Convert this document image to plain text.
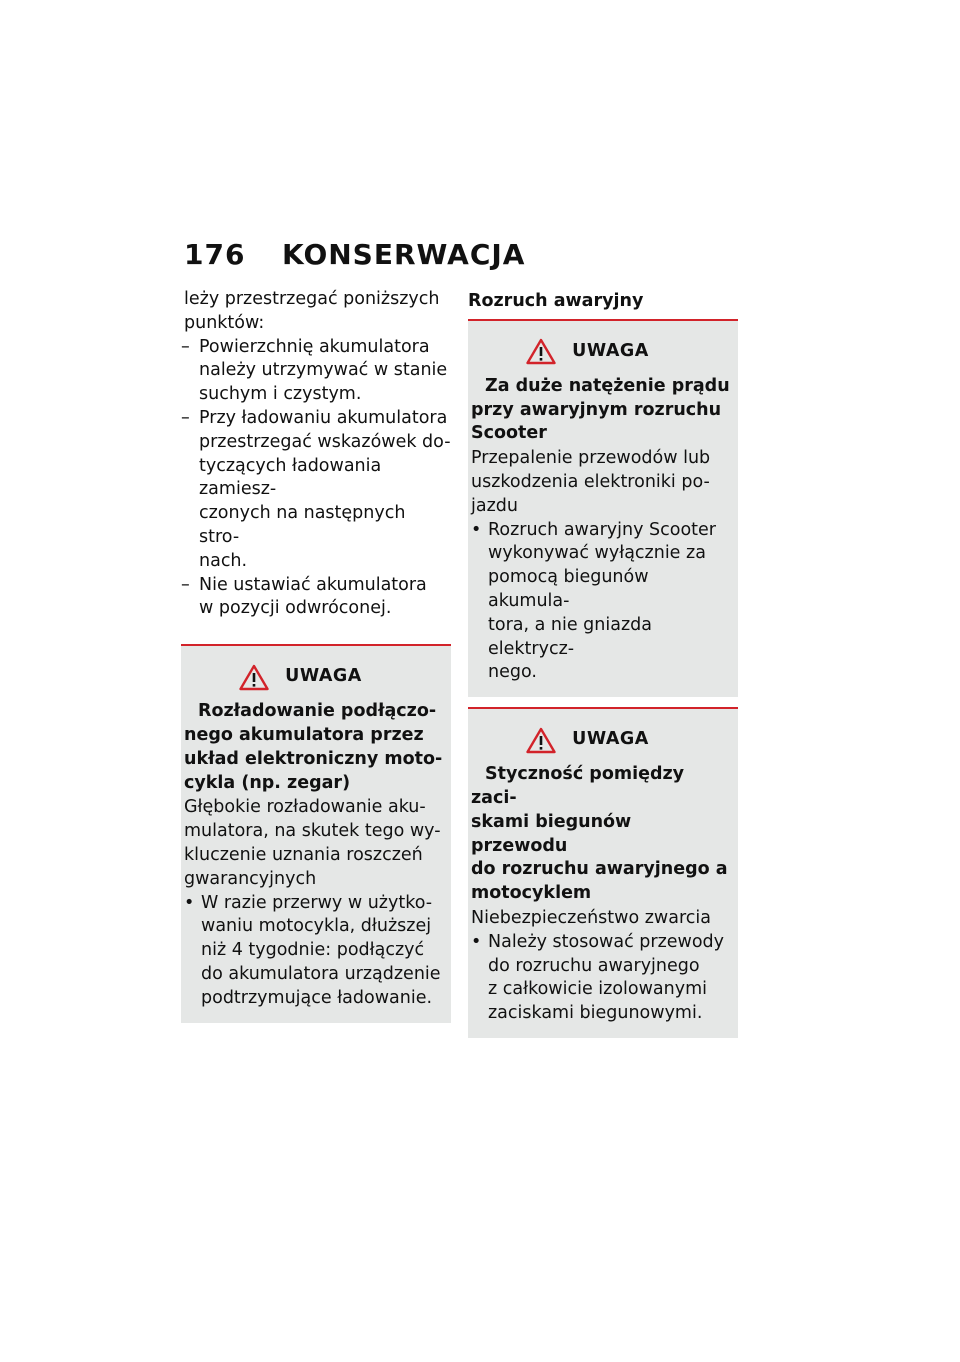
176	KONSERWACJA
leży przestrzegać poniższych
punktów:
– Powierzchnię akumulatora
należy utrzymywać w stanie
suchym i czystym.
– Przy ładowaniu akumulatora
przestrzegać wskazówek do-
tyczących ładowania zamiesz-
czonych na następnych stro-
nach.
– Nie ustawiać akumulatora
w pozycji odwróconej.
UWAGA
Rozładowanie podłączo-
nego akumulatora przez
układ elektroniczny moto-
cykla (np. zegar)
Głębokie rozładowanie aku-
mulatora, na skutek tego wy-
kluczenie uznania roszczeń
gwarancyjnych
• W razie przerwy w użytko-
waniu motocykla, dłuższej
niż 4 tygodnie: podłączyć
do akumulatora urządzenie
podtrzymujące ładowanie.
Rozruch awaryjny
UWAGA
Za duże natężenie prądu
przy awaryjnym rozruchu
Scooter
Przepalenie przewodów lub
uszkodzenia elektroniki po-
jazdu
• Rozruch awaryjny Scooter
wykonywać wyłącznie za
pomocą biegunów akumula-
tora, a nie gniazda elektrycz-
nego.
UWAGA
Styczność pomiędzy zaci-
skami biegunów przewodu
do rozruchu awaryjnego a
motocyklem
Niebezpieczeństwo zwarcia
• Należy stosować przewody
do rozruchu awaryjnego
z całkowicie izolowanymi
zaciskami biegunowymi.
